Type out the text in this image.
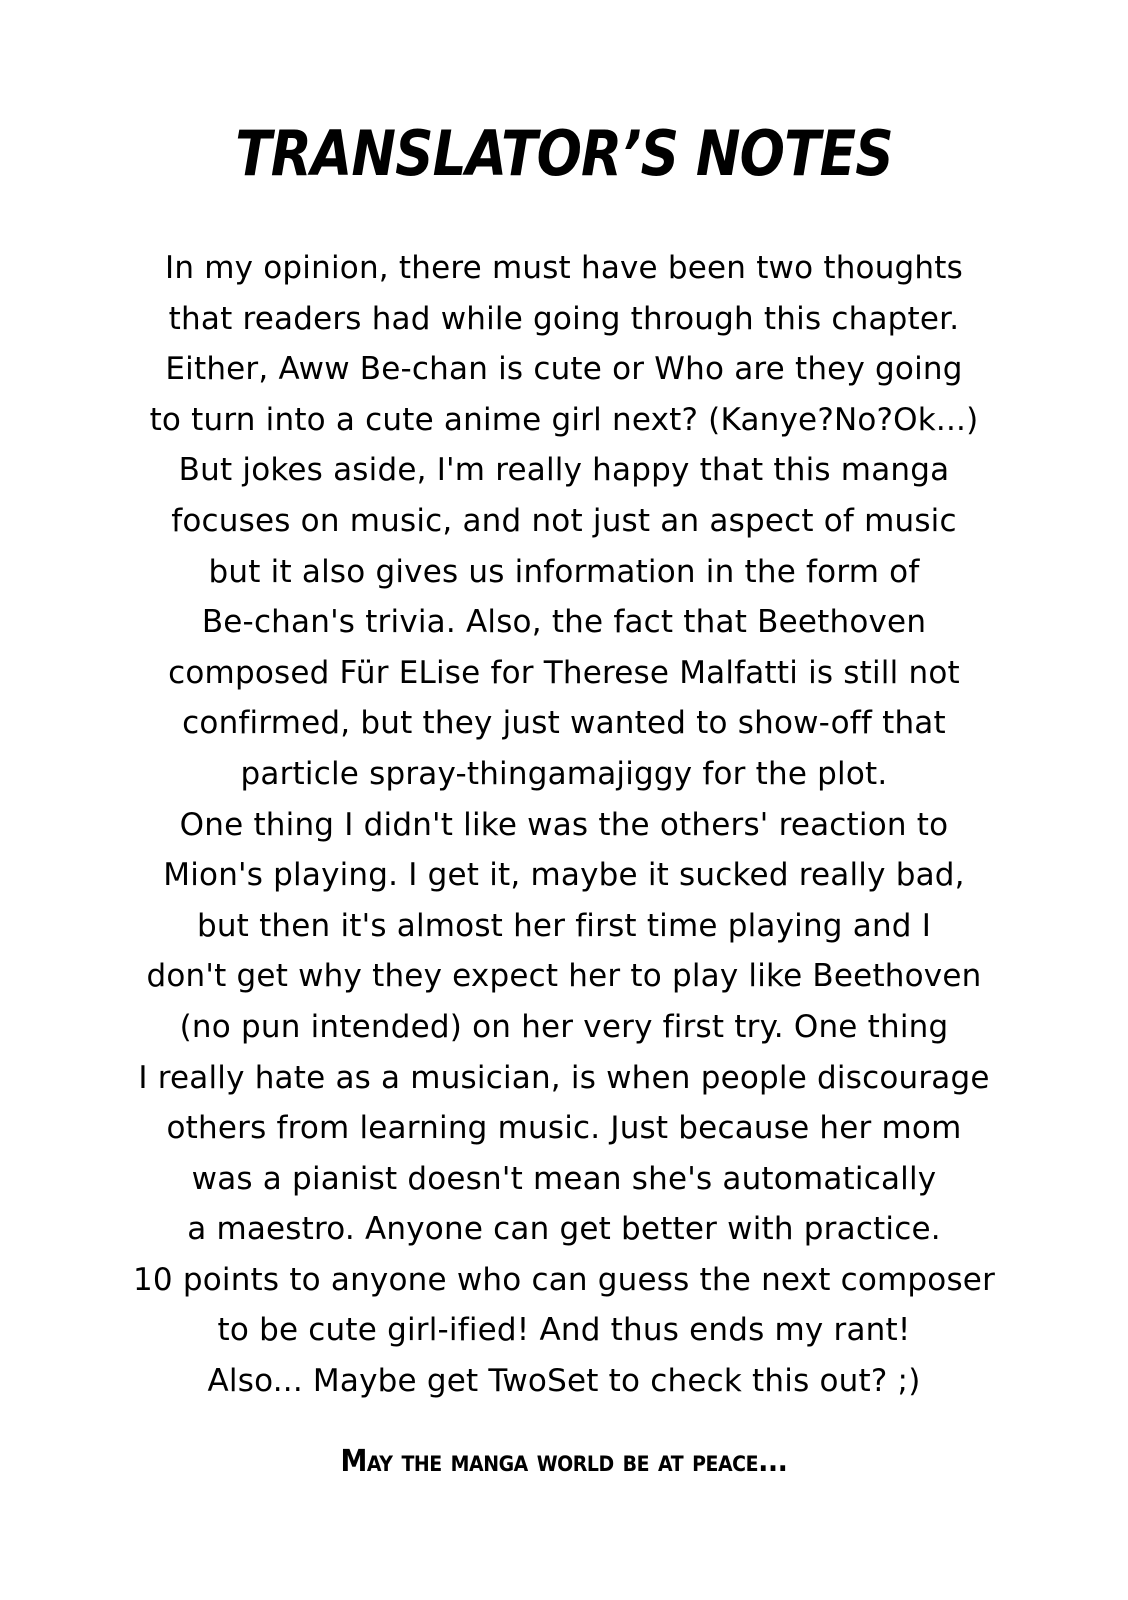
TRANSLATOR’S NOTES
In my opinion, there must have been two thoughts
that readers had while going through this chapter.
Either, Aww Be-chan is cute or Who are they going
to turn into a cute anime girl next? (Kanye?No?Ok...)
But jokes aside, I'm really happy that this manga
focuses on music, and not just an aspect of music
but it also gives us information in the form of
Be-chan's trivia. Also, the fact that Beethoven
composed Für ELise for Therese Malfatti is still not
confirmed, but they just wanted to show-off that
particle spray-thingamajiggy for the plot.
One thing I didn't like was the others' reaction to
Mion's playing. I get it, maybe it sucked really bad,
but then it's almost her first time playing and I
don't get why they expect her to play like Beethoven
(no pun intended) on her very first try. One thing
I really hate as a musician, is when people discourage
others from learning music. Just because her mom
was a pianist doesn't mean she's automatically
a maestro. Anyone can get better with practice.
10 points to anyone who can guess the next composer
to be cute girl-ified! And thus ends my rant!
Also... Maybe get TwoSet to check this out? ;)
May the manga world be at peace...
